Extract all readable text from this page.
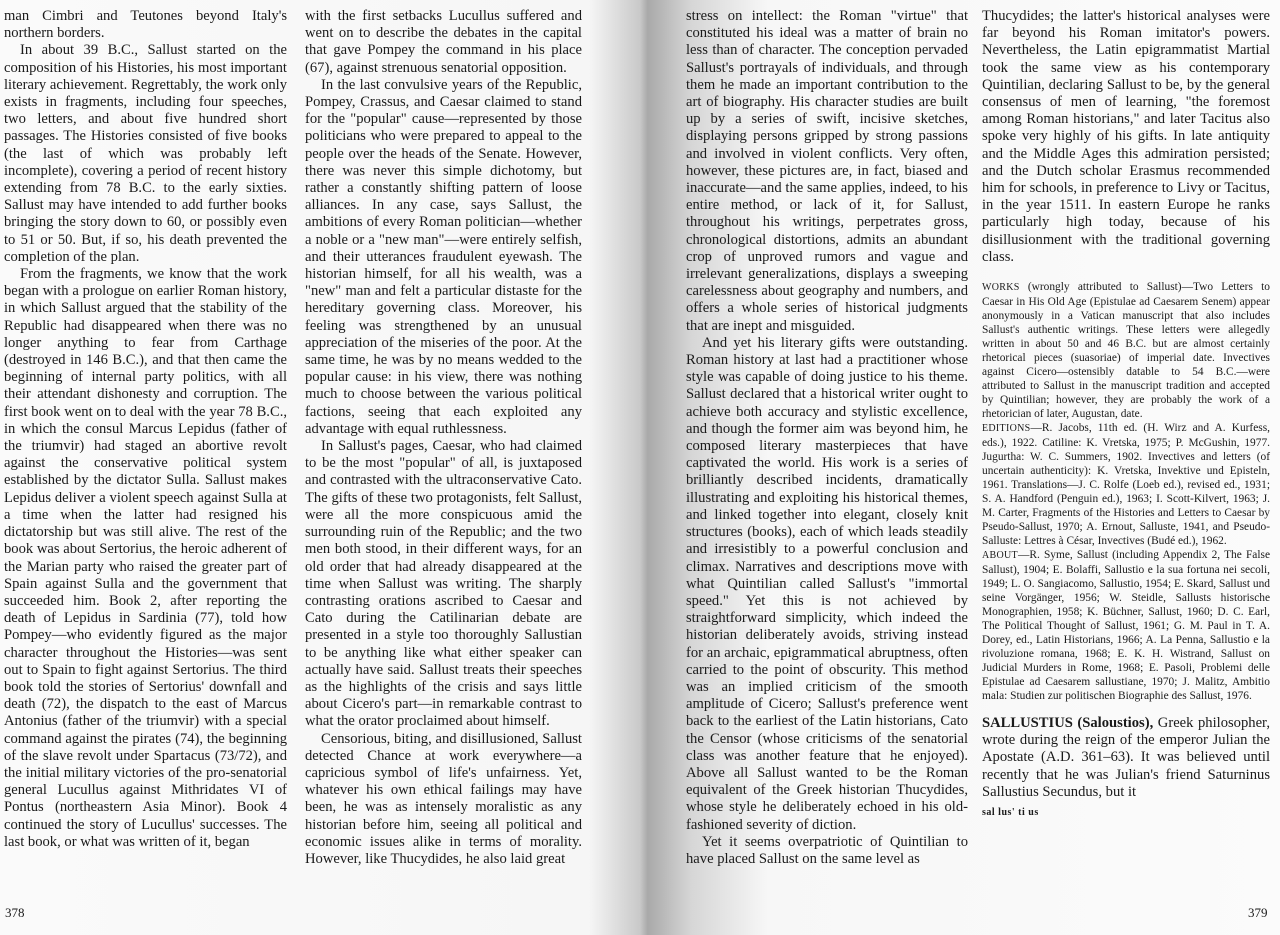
man Cimbri and Teutones beyond Italy's northern borders.

In about 39 B.C., Sallust started on the composition of his Histories, his most important literary achievement. Regrettably, the work only exists in fragments, including four speeches, two letters, and about five hundred short passages. The Histories consisted of five books (the last of which was probably left incomplete), covering a period of recent history extending from 78 B.C. to the early sixties. Sallust may have intended to add further books bringing the story down to 60, or possibly even to 51 or 50. But, if so, his death prevented the completion of the plan.

From the fragments, we know that the work began with a prologue on earlier Roman history, in which Sallust argued that the stability of the Republic had disappeared when there was no longer anything to fear from Carthage (destroyed in 146 B.C.), and that then came the beginning of internal party politics, with all their attendant dishonesty and corruption. The first book went on to deal with the year 78 B.C., in which the consul Marcus Lepidus (father of the triumvir) had staged an abortive revolt against the conservative political system established by the dictator Sulla. Sallust makes Lepidus deliver a violent speech against Sulla at a time when the latter had resigned his dictatorship but was still alive. The rest of the book was about Sertorius, the heroic adherent of the Marian party who raised the greater part of Spain against Sulla and the government that succeeded him. Book 2, after reporting the death of Lepidus in Sardinia (77), told how Pompey—who evidently figured as the major character throughout the Histories—was sent out to Spain to fight against Sertorius. The third book told the stories of Sertorius' downfall and death (72), the dispatch to the east of Marcus Antonius (father of the triumvir) with a special command against the pirates (74), the beginning of the slave revolt under Spartacus (73/72), and the initial military victories of the pro-senatorial general Lucullus against Mithridates VI of Pontus (northeastern Asia Minor). Book 4 continued the story of Lucullus' successes. The last book, or what was written of it, began

with the first setbacks Lucullus suffered and went on to describe the debates in the capital that gave Pompey the command in his place (67), against strenuous senatorial opposition.

In the last convulsive years of the Republic, Pompey, Crassus, and Caesar claimed to stand for the "popular" cause—represented by those politicians who were prepared to appeal to the people over the heads of the Senate. However, there was never this simple dichotomy, but rather a constantly shifting pattern of loose alliances. In any case, says Sallust, the ambitions of every Roman politician—whether a noble or a "new man"—were entirely selfish, and their utterances fraudulent eyewash. The historian himself, for all his wealth, was a "new" man and felt a particular distaste for the hereditary governing class. Moreover, his feeling was strengthened by an unusual appreciation of the miseries of the poor. At the same time, he was by no means wedded to the popular cause: in his view, there was nothing much to choose between the various political factions, seeing that each exploited any advantage with equal ruthlessness.

In Sallust's pages, Caesar, who had claimed to be the most "popular" of all, is juxtaposed and contrasted with the ultraconservative Cato. The gifts of these two protagonists, felt Sallust, were all the more conspicuous amid the surrounding ruin of the Republic; and the two men both stood, in their different ways, for an old order that had already disappeared at the time when Sallust was writing. The sharply contrasting orations ascribed to Caesar and Cato during the Catilinarian debate are presented in a style too thoroughly Sallustian to be anything like what either speaker can actually have said. Sallust treats their speeches as the highlights of the crisis and says little about Cicero's part—in remarkable contrast to what the orator proclaimed about himself.

Censorious, biting, and disillusioned, Sallust detected Chance at work everywhere—a capricious symbol of life's unfairness. Yet, whatever his own ethical failings may have been, he was as intensely moralistic as any historian before him, seeing all political and economic issues alike in terms of morality. However, like Thucydides, he also laid great

378

stress on intellect: the Roman "virtue" that constituted his ideal was a matter of brain no less than of character. The conception pervaded Sallust's portrayals of individuals, and through them he made an important contribution to the art of biography. His character studies are built up by a series of swift, incisive sketches, displaying persons gripped by strong passions and involved in violent conflicts. Very often, however, these pictures are, in fact, biased and inaccurate—and the same applies, indeed, to his entire method, or lack of it, for Sallust, throughout his writings, perpetrates gross, chronological distortions, admits an abundant crop of unproved rumors and vague and irrelevant generalizations, displays a sweeping carelessness about geography and numbers, and offers a whole series of historical judgments that are inept and misguided.

And yet his literary gifts were outstanding. Roman history at last had a practitioner whose style was capable of doing justice to his theme. Sallust declared that a historical writer ought to achieve both accuracy and stylistic excellence, and though the former aim was beyond him, he composed literary masterpieces that have captivated the world. His work is a series of brilliantly described incidents, dramatically illustrating and exploiting his historical themes, and linked together into elegant, closely knit structures (books), each of which leads steadily and irresistibly to a powerful conclusion and climax. Narratives and descriptions move with what Quintilian called Sallust's "immortal speed." Yet this is not achieved by straightforward simplicity, which indeed the historian deliberately avoids, striving instead for an archaic, epigrammatical abruptness, often carried to the point of obscurity. This method was an implied criticism of the smooth amplitude of Cicero; Sallust's preference went back to the earliest of the Latin historians, Cato the Censor (whose criticisms of the senatorial class was another feature that he enjoyed). Above all Sallust wanted to be the Roman equivalent of the Greek historian Thucydides, whose style he deliberately echoed in his old-fashioned severity of diction.

Yet it seems overpatriotic of Quintilian to have placed Sallust on the same level as

Thucydides; the latter's historical analyses were far beyond his Roman imitator's powers. Nevertheless, the Latin epigrammatist Martial took the same view as his contemporary Quintilian, declaring Sallust to be, by the general consensus of men of learning, "the foremost among Roman historians," and later Tacitus also spoke very highly of his gifts. In late antiquity and the Middle Ages this admiration persisted; and the Dutch scholar Erasmus recommended him for schools, in preference to Livy or Tacitus, in the year 1511. In eastern Europe he ranks particularly high today, because of his disillusionment with the traditional governing class.

WORKS (wrongly attributed to Sallust)—Two Letters to Caesar in His Old Age (Epistulae ad Caesarem Senem) appear anonymously in a Vatican manuscript that also includes Sallust's authentic writings. These letters were allegedly written in about 50 and 46 B.C. but are almost certainly rhetorical pieces (suasoriae) of imperial date. Invectives against Cicero—ostensibly datable to 54 B.C.—were attributed to Sallust in the manuscript tradition and accepted by Quintilian; however, they are probably the work of a rhetorician of later, Augustan, date.

EDITIONS—R. Jacobs, 11th ed. (H. Wirz and A. Kurfess, eds.), 1922. Catiline: K. Vretska, 1975; P. McGushin, 1977. Jugurtha: W. C. Summers, 1902. Invectives and letters (of uncertain authenticity): K. Vretska, Invektive und Episteln, 1961. Translations—J. C. Rolfe (Loeb ed.), revised ed., 1931; S. A. Handford (Penguin ed.), 1963; I. Scott-Kilvert, 1963; J. M. Carter, Fragments of the Histories and Letters to Caesar by Pseudo-Sallust, 1970; A. Ernout, Salluste, 1941, and Pseudo-Salluste: Lettres à César, Invectives (Budé ed.), 1962.

ABOUT—R. Syme, Sallust (including Appendix 2, The False Sallust), 1904; E. Bolaffi, Sallustio e la sua fortuna nei secoli, 1949; L. O. Sangiacomo, Sallustio, 1954; E. Skard, Sallust und seine Vorgänger, 1956; W. Steidle, Sallusts historische Monographien, 1958; K. Büchner, Sallust, 1960; D. C. Earl, The Political Thought of Sallust, 1961; G. M. Paul in T. A. Dorey, ed., Latin Historians, 1966; A. La Penna, Sallustio e la rivoluzione romana, 1968; E. K. H. Wistrand, Sallust on Judicial Murders in Rome, 1968; E. Pasoli, Problemi delle Epistulae ad Caesarem sallustiane, 1970; J. Malitz, Ambitio mala: Studien zur politischen Biographie des Sallust, 1976.

SALLUSTIUS (Saloustios), Greek philosopher, wrote during the reign of the emperor Julian the Apostate (A.D. 361–63). It was believed until recently that he was Julian's friend Saturninus Sallustius Secundus, but it

sal lus' ti us
379
